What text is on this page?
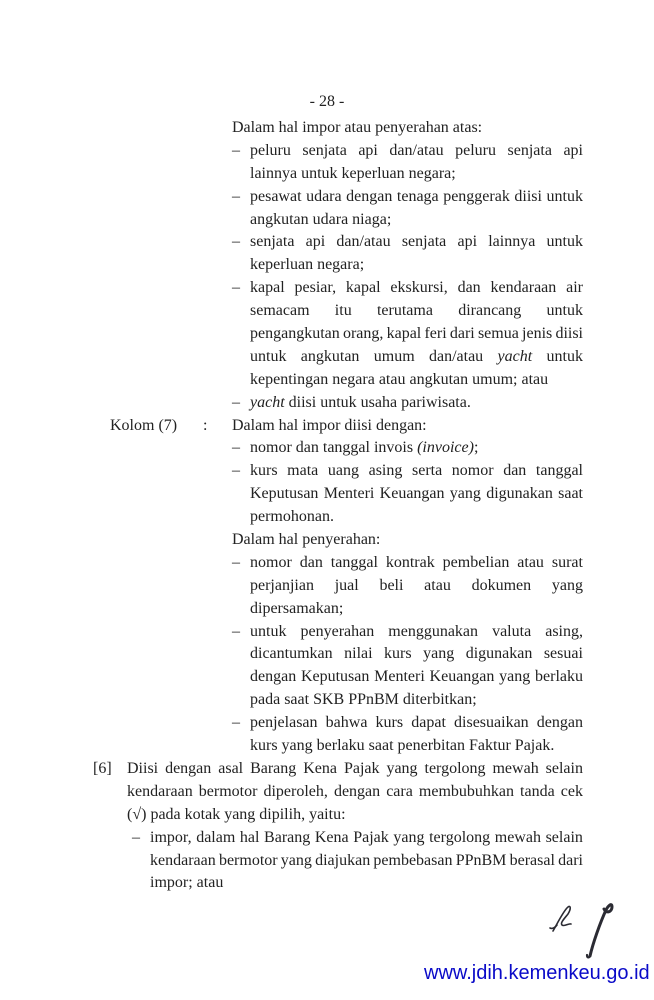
- 28 -
Dalam hal impor atau penyerahan atas:
– peluru senjata api dan/atau peluru senjata api
lainnya untuk keperluan negara;
– pesawat udara dengan tenaga penggerak diisi untuk
angkutan udara niaga;
– senjata api dan/atau senjata api lainnya untuk
keperluan negara;
– kapal pesiar, kapal ekskursi, dan kendaraan air
semacam itu terutama dirancang untuk
pengangkutan orang, kapal feri dari semua jenis diisi
untuk angkutan umum dan/atau yacht untuk
kepentingan negara atau angkutan umum; atau
– yacht diisi untuk usaha pariwisata.
Kolom (7) : Dalam hal impor diisi dengan:
– nomor dan tanggal invois (invoice);
– kurs mata uang asing serta nomor dan tanggal
Keputusan Menteri Keuangan yang digunakan saat
permohonan.
Dalam hal penyerahan:
– nomor dan tanggal kontrak pembelian atau surat
perjanjian jual beli atau dokumen yang
dipersamakan;
– untuk penyerahan menggunakan valuta asing,
dicantumkan nilai kurs yang digunakan sesuai
dengan Keputusan Menteri Keuangan yang berlaku
pada saat SKB PPnBM diterbitkan;
– penjelasan bahwa kurs dapat disesuaikan dengan
kurs yang berlaku saat penerbitan Faktur Pajak.
[6] Diisi dengan asal Barang Kena Pajak yang tergolong mewah selain
kendaraan bermotor diperoleh, dengan cara membubuhkan tanda cek
(√) pada kotak yang dipilih, yaitu:
– impor, dalam hal Barang Kena Pajak yang tergolong mewah selain
kendaraan bermotor yang diajukan pembebasan PPnBM berasal dari
impor; atau
www.jdih.kemenkeu.go.id
